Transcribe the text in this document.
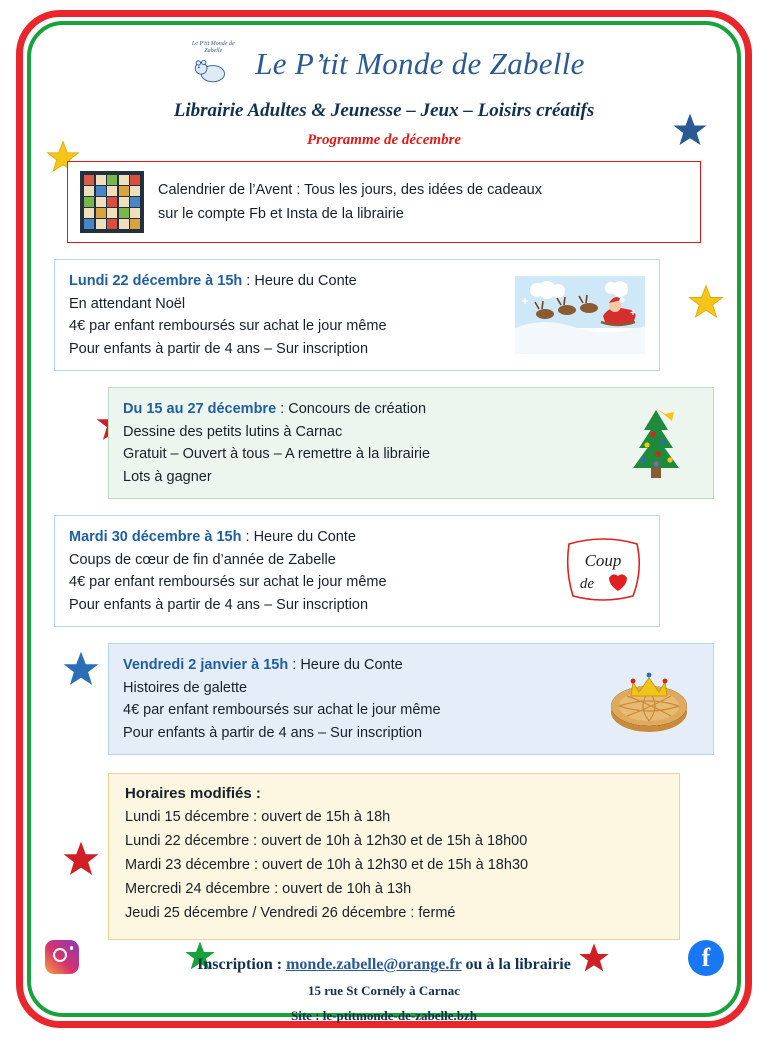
Le P'tit Monde de Zabelle	Le P’tit Monde de Zabelle
Librairie Adultes & Jeunesse – Jeux – Loisirs créatifs
Programme de décembre
Calendrier de l’Avent : Tous les jours, des idées de cadeaux
sur le compte Fb et Insta de la librairie
Lundi 22 décembre à 15h : Heure du Conte
En attendant Noël
4€ par enfant remboursés sur achat le jour même
Pour enfants à partir de 4 ans – Sur inscription
Du 15 au 27 décembre : Concours de création
Dessine des petits lutins à Carnac
Gratuit – Ouvert à tous – A remettre à la librairie
Lots à gagner
Mardi 30 décembre à 15h : Heure du Conte
Coups de cœur de fin d’année de Zabelle
4€ par enfant remboursés sur achat le jour même
Pour enfants à partir de 4 ans – Sur inscription
Coup
de
Vendredi 2 janvier à 15h : Heure du Conte
Histoires de galette
4€ par enfant remboursés sur achat le jour même
Pour enfants à partir de 4 ans – Sur inscription
Horaires modifiés :
Lundi 15 décembre : ouvert de 15h à 18h
Lundi 22 décembre : ouvert de 10h à 12h30 et de 15h à 18h00
Mardi 23 décembre : ouvert de 10h à 12h30 et de 15h à 18h30
Mercredi 24 décembre : ouvert de 10h à 13h
Jeudi 25 décembre / Vendredi 26 décembre : fermé
Inscription : monde.zabelle@orange.fr ou à la librairie
15 rue St Cornély à Carnac
Site : le-ptitmonde-de-zabelle.bzh
f
